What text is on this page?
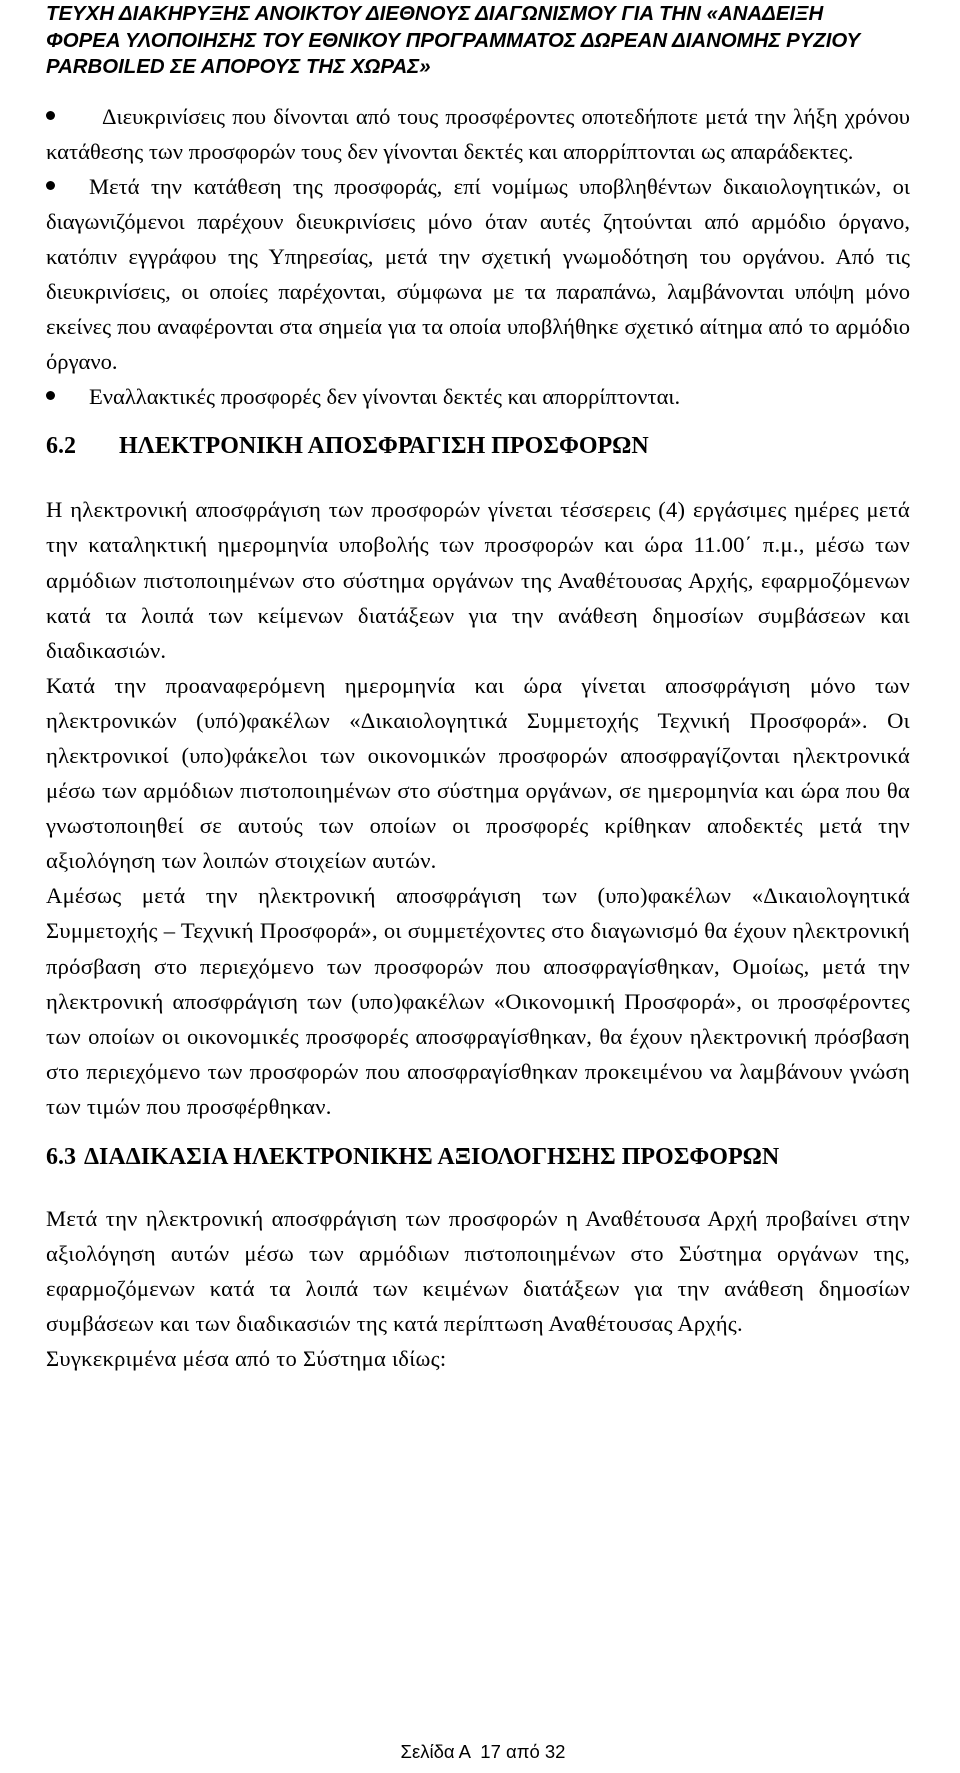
ΤΕΥΧΗ ΔΙΑΚΗΡΥΞΗΣ ΑΝΟΙΚΤΟΥ ΔΙΕΘΝΟΥΣ ΔΙΑΓΩΝΙΣΜΟΥ ΓΙΑ ΤΗΝ «ΑΝΑΔΕΙΞΗ
ΦΟΡΕΑ ΥΛΟΠΟΙΗΣΗΣ ΤΟΥ ΕΘΝΙΚΟΥ ΠΡΟΓΡΑΜΜΑΤΟΣ ΔΩΡΕΑΝ ΔΙΑΝΟΜΗΣ ΡΥΖΙΟΥ
PARBOILED ΣΕ ΑΠΟΡΟΥΣ ΤΗΣ ΧΩΡΑΣ»
Διευκρινίσεις που δίνονται από τους προσφέροντες οποτεδήποτε μετά την λήξη χρόνου κατάθεσης των προσφορών τους δεν γίνονται δεκτές και απορρίπτονται ως απαράδεκτες.
Μετά την κατάθεση της προσφοράς, επί νομίμως υποβληθέντων δικαιολογητικών, οι διαγωνιζόμενοι παρέχουν διευκρινίσεις μόνο όταν αυτές ζητούνται από αρμόδιο όργανο, κατόπιν εγγράφου της Υπηρεσίας, μετά την σχετική γνωμοδότηση του οργάνου. Από τις διευκρινίσεις, οι οποίες παρέχονται, σύμφωνα με τα παραπάνω, λαμβάνονται υπόψη μόνο εκείνες που αναφέρονται στα σημεία για τα οποία υποβλήθηκε σχετικό αίτημα από το αρμόδιο όργανο.
Εναλλακτικές προσφορές δεν γίνονται δεκτές και απορρίπτονται.
6.2 ΗΛΕΚΤΡΟΝΙΚΗ ΑΠΟΣΦΡΑΓΙΣΗ ΠΡΟΣΦΟΡΩΝ

Η ηλεκτρονική αποσφράγιση των προσφορών γίνεται τέσσερεις (4) εργάσιμες ημέρες μετά την καταληκτική ημερομηνία υποβολής των προσφορών και ώρα 11.00΄ π.μ., μέσω των αρμόδιων πιστοποιημένων στο σύστημα οργάνων της Αναθέτουσας Αρχής, εφαρμοζόμενων κατά τα λοιπά των κείμενων διατάξεων για την ανάθεση δημοσίων συμβάσεων και διαδικασιών.

Κατά την προαναφερόμενη ημερομηνία και ώρα γίνεται αποσφράγιση μόνο των ηλεκτρονικών (υπό)φακέλων «Δικαιολογητικά Συμμετοχής Τεχνική Προσφορά». Οι ηλεκτρονικοί (υπο)φάκελοι των οικονομικών προσφορών αποσφραγίζονται ηλεκτρονικά μέσω των αρμόδιων πιστοποιημένων στο σύστημα οργάνων, σε ημερομηνία και ώρα που θα γνωστοποιηθεί σε αυτούς των οποίων οι προσφορές κρίθηκαν αποδεκτές μετά την αξιολόγηση των λοιπών στοιχείων αυτών.

Αμέσως μετά την ηλεκτρονική αποσφράγιση των (υπο)φακέλων «Δικαιολογητικά Συμμετοχής – Τεχνική Προσφορά», οι συμμετέχοντες στο διαγωνισμό θα έχουν ηλεκτρονική πρόσβαση στο περιεχόμενο των προσφορών που αποσφραγίσθηκαν, Ομοίως, μετά την ηλεκτρονική αποσφράγιση των (υπο)φακέλων «Οικονομική Προσφορά», οι προσφέροντες των οποίων οι οικονομικές προσφορές αποσφραγίσθηκαν, θα έχουν ηλεκτρονική πρόσβαση στο περιεχόμενο των προσφορών που αποσφραγίσθηκαν προκειμένου να λαμβάνουν γνώση των τιμών που προσφέρθηκαν.

6.3 ΔΙΑΔΙΚΑΣΙΑ ΗΛΕΚΤΡΟΝΙΚΗΣ ΑΞΙΟΛΟΓΗΣΗΣ ΠΡΟΣΦΟΡΩΝ

Μετά την ηλεκτρονική αποσφράγιση των προσφορών η Αναθέτουσα Αρχή προβαίνει στην αξιολόγηση αυτών μέσω των αρμόδιων πιστοποιημένων στο Σύστημα οργάνων της, εφαρμοζόμενων κατά τα λοιπά των κειμένων διατάξεων για την ανάθεση δημοσίων συμβάσεων και των διαδικασιών της κατά περίπτωση Αναθέτουσας Αρχής.

Συγκεκριμένα μέσα από το Σύστημα ιδίως:

Σελίδα Α  17 από 32
